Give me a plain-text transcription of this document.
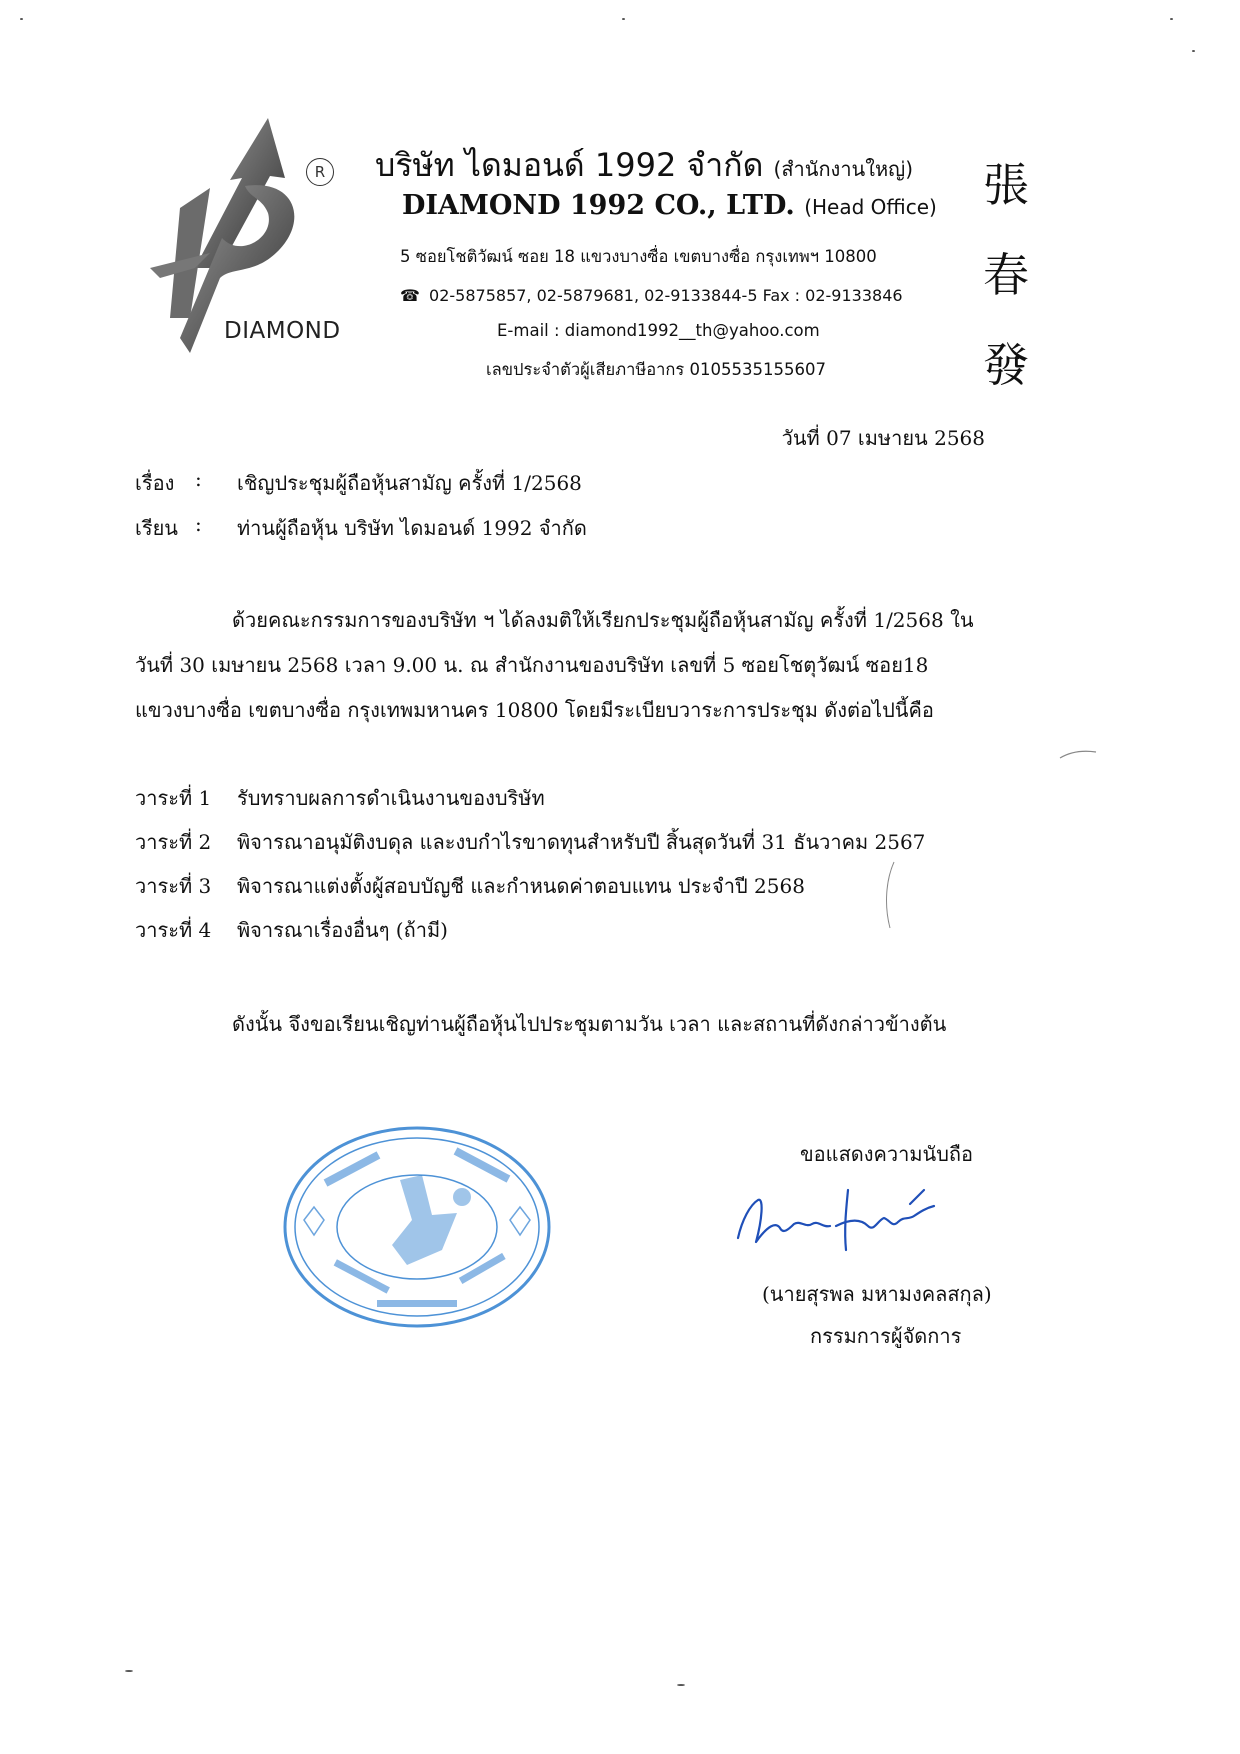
DIAMOND
R บริษัท ไดมอนด์ 1992 จำกัด (สำนักงานใหญ่)
DIAMOND 1992 CO., LTD. (Head Office)
5 ซอยโชติวัฒน์ ซอย 18 แขวงบางซื่อ เขตบางซื่อ กรุงเทพฯ 10800
☎ 02-5875857, 02-5879681, 02-9133844-5 Fax : 02-9133846
E-mail : diamond1992__th@yahoo.com
เลขประจำตัวผู้เสียภาษีอากร 0105535155607
張
春
發
วันที่ 07 เมษายน 2568
เรื่อง : เชิญประชุมผู้ถือหุ้นสามัญ ครั้งที่ 1/2568
เรียน : ท่านผู้ถือหุ้น บริษัท ไดมอนด์ 1992 จำกัด
ด้วยคณะกรรมการของบริษัท ฯ ได้ลงมติให้เรียกประชุมผู้ถือหุ้นสามัญ ครั้งที่ 1/2568 ใน
วันที่ 30 เมษายน 2568 เวลา 9.00 น. ณ สำนักงานของบริษัท เลขที่ 5 ซอยโชตุวัฒน์ ซอย18
แขวงบางซื่อ เขตบางซื่อ กรุงเทพมหานคร 10800 โดยมีระเบียบวาระการประชุม ดังต่อไปนี้คือ
วาระที่ 1 รับทราบผลการดำเนินงานของบริษัท
วาระที่ 2 พิจารณาอนุมัติงบดุล และงบกำไรขาดทุนสำหรับปี สิ้นสุดวันที่ 31 ธันวาคม 2567
วาระที่ 3 พิจารณาแต่งตั้งผู้สอบบัญชี และกำหนดค่าตอบแทน ประจำปี 2568
วาระที่ 4 พิจารณาเรื่องอื่นๆ (ถ้ามี)
ดังนั้น จึงขอเรียนเชิญท่านผู้ถือหุ้นไปประชุมตามวัน เวลา และสถานที่ดังกล่าวข้างต้น
ขอแสดงความนับถือ
(นายสุรพล มหามงคลสกุล)
กรรมการผู้จัดการ
